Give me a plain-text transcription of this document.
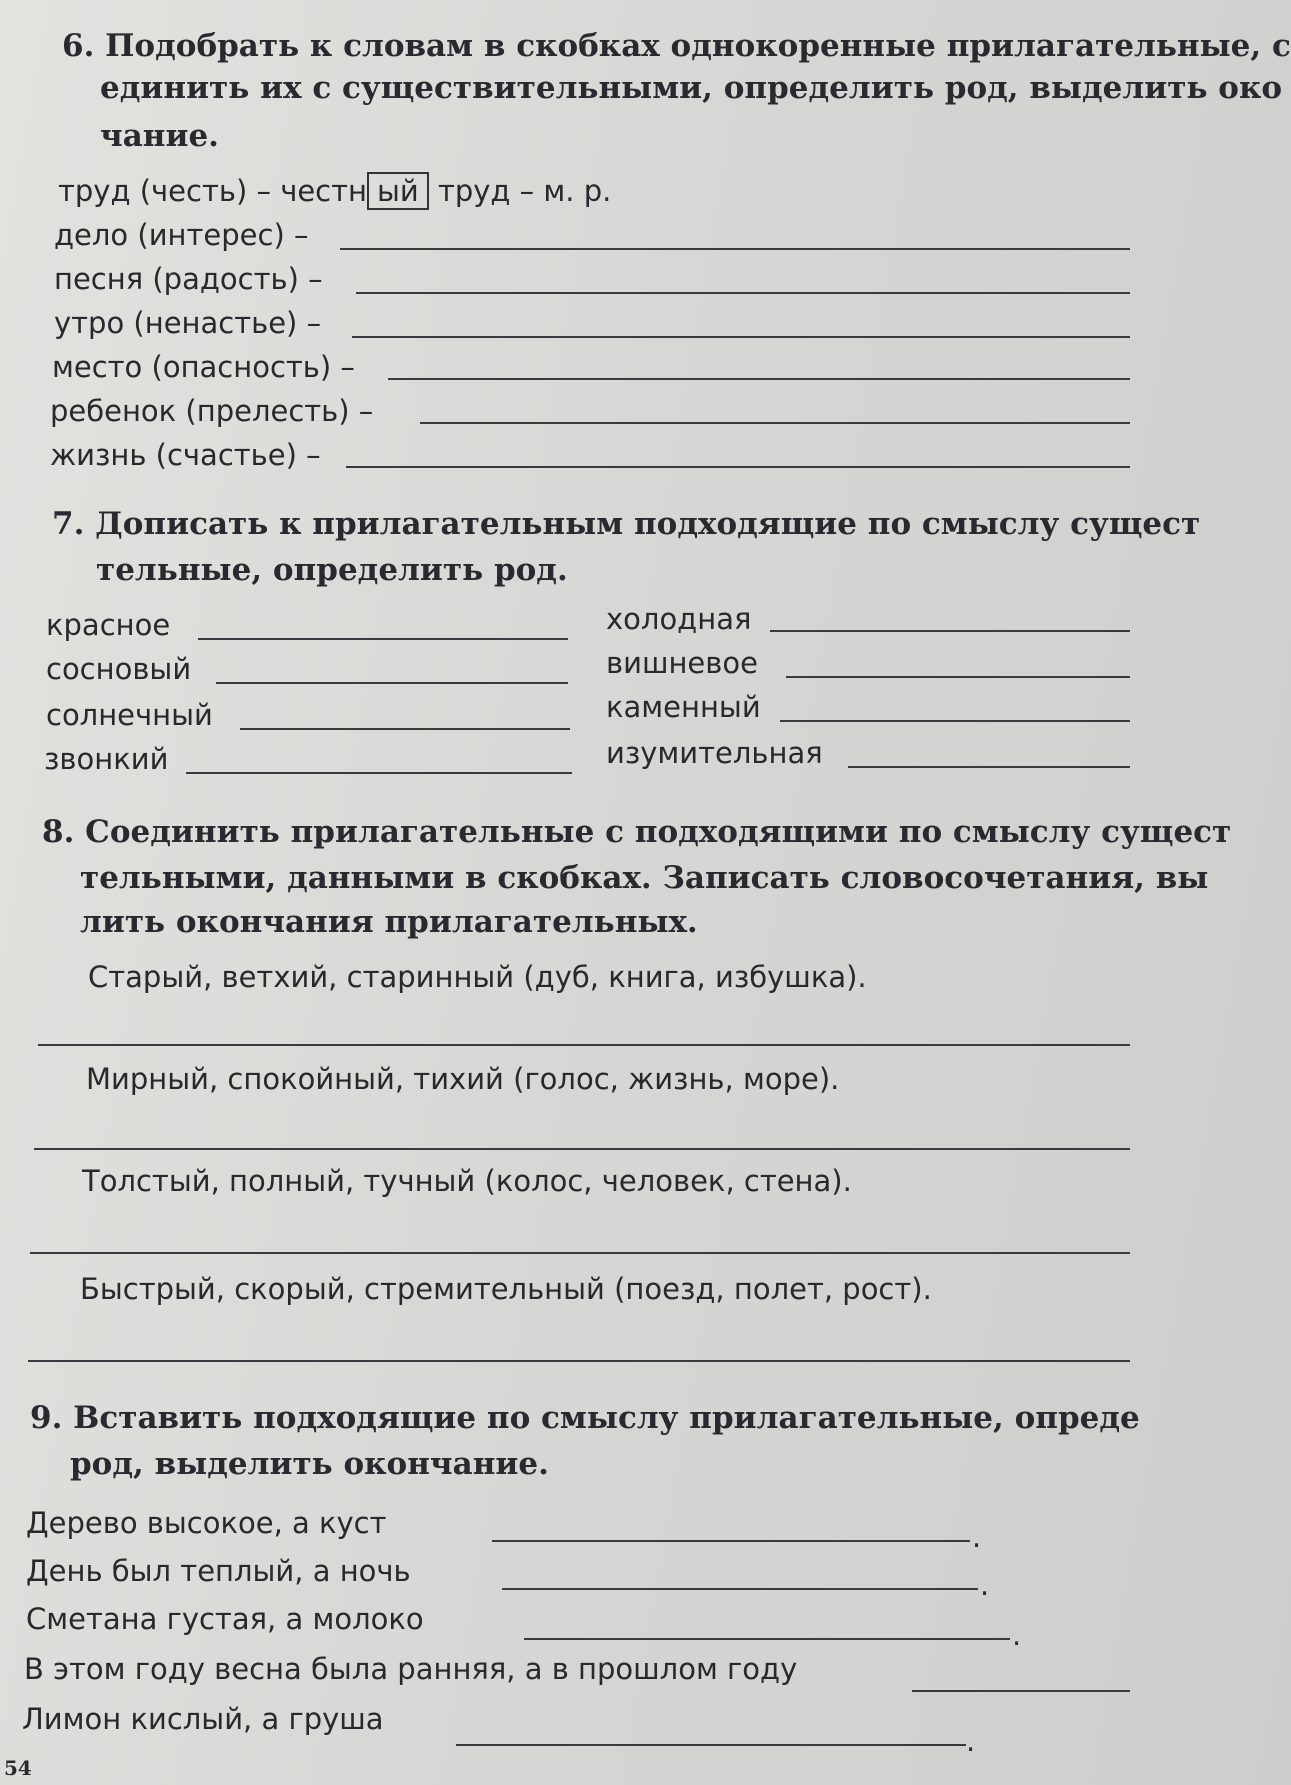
6. Подобрать к словам в скобках однокоренные прилагательные, с
единить их с существительными, определить род, выделить око
чание.
труд (честь) – честн ый труд – м. р.
дело (интерес) –
песня (радость) –
утро (ненастье) –
место (опасность) –
ребенок (прелесть) –
жизнь (счастье) –
7. Дописать к прилагательным подходящие по смыслу сущест
тельные, определить род.
красное
сосновый
солнечный
звонкий
холодная
вишневое
каменный
изумительная
8. Соединить прилагательные с подходящими по смыслу сущест
тельными, данными в скобках. Записать словосочетания, вы
лить окончания прилагательных.
Старый, ветхий, старинный (дуб, книга, избушка).
Мирный, спокойный, тихий (голос, жизнь, море).
Толстый, полный, тучный (колос, человек, стена).
Быстрый, скорый, стремительный (поезд, полет, рост).
9. Вставить подходящие по смыслу прилагательные, опреде
род, выделить окончание.
Дерево высокое, а куст	.
День был теплый, а ночь	.
Сметана густая, а молоко	.
В этом году весна была ранняя, а в прошлом году
Лимон кислый, а груша
.
54
